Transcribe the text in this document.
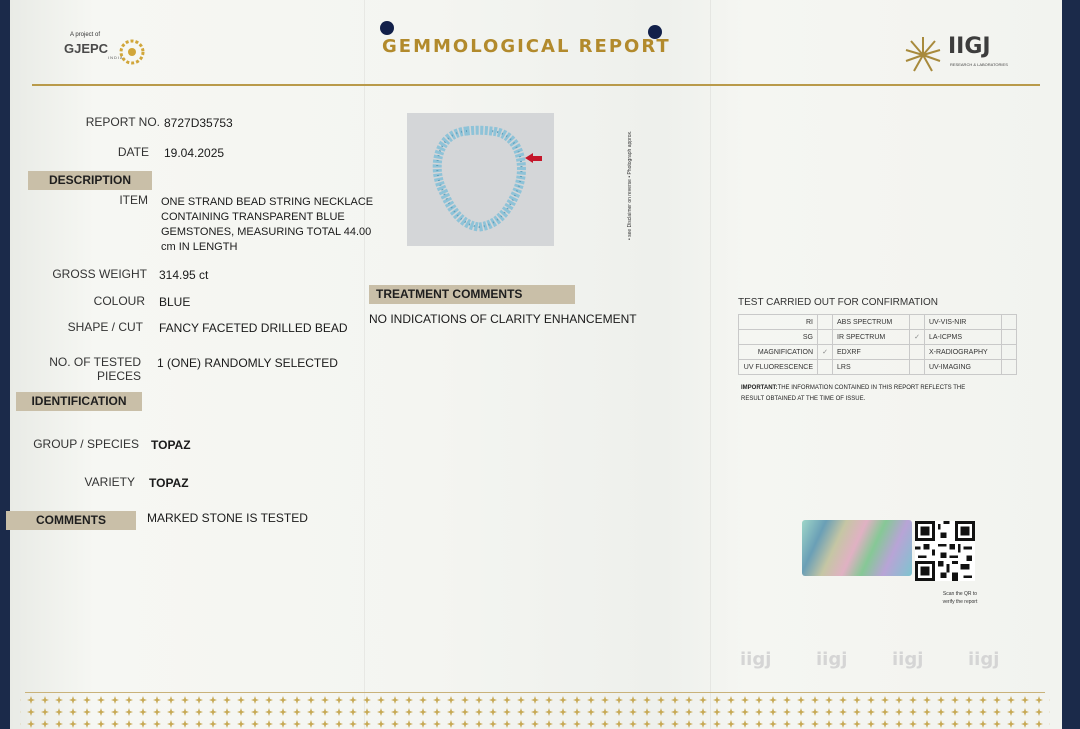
A project of
GJEPC
INDIA
GEMMOLOGICAL REPORT	IIGJ
RESEARCH & LABORATORIES
REPORT NO. 8727D35753
DATE 19.04.2025
DESCRIPTION
ITEM ONE STRAND BEAD STRING NECKLACE
CONTAINING TRANSPARENT BLUE
GEMSTONES, MEASURING TOTAL 44.00
cm IN LENGTH
GROSS WEIGHT 314.95 ct
COLOUR BLUE
SHAPE / CUT FANCY FACETED DRILLED BEAD
NO. OF TESTED PIECES
1 (ONE) RANDOMLY SELECTED
IDENTIFICATION
GROUP / SPECIES TOPAZ
VARIETY TOPAZ
COMMENTS	MARKED STONE IS TESTED
• see Disclaimer on reverse • Photograph approx.
TREATMENT COMMENTS
NO INDICATIONS OF CLARITY ENHANCEMENT
TEST CARRIED OUT FOR CONFIRMATION
RI		ABS SPECTRUM		UV-VIS-NIR	
SG		IR SPECTRUM	✓	LA-ICPMS	
MAGNIFICATION	✓	EDXRF		X-RADIOGRAPHY	
UV FLUORESCENCE		LRS		UV-IMAGING	
IMPORTANT:THE INFORMATION CONTAINED IN THIS REPORT REFLECTS THE RESULT OBTAINED AT THE TIME OF ISSUE.
Scan the QR to verify the report
iigj iigj iigj iigj
